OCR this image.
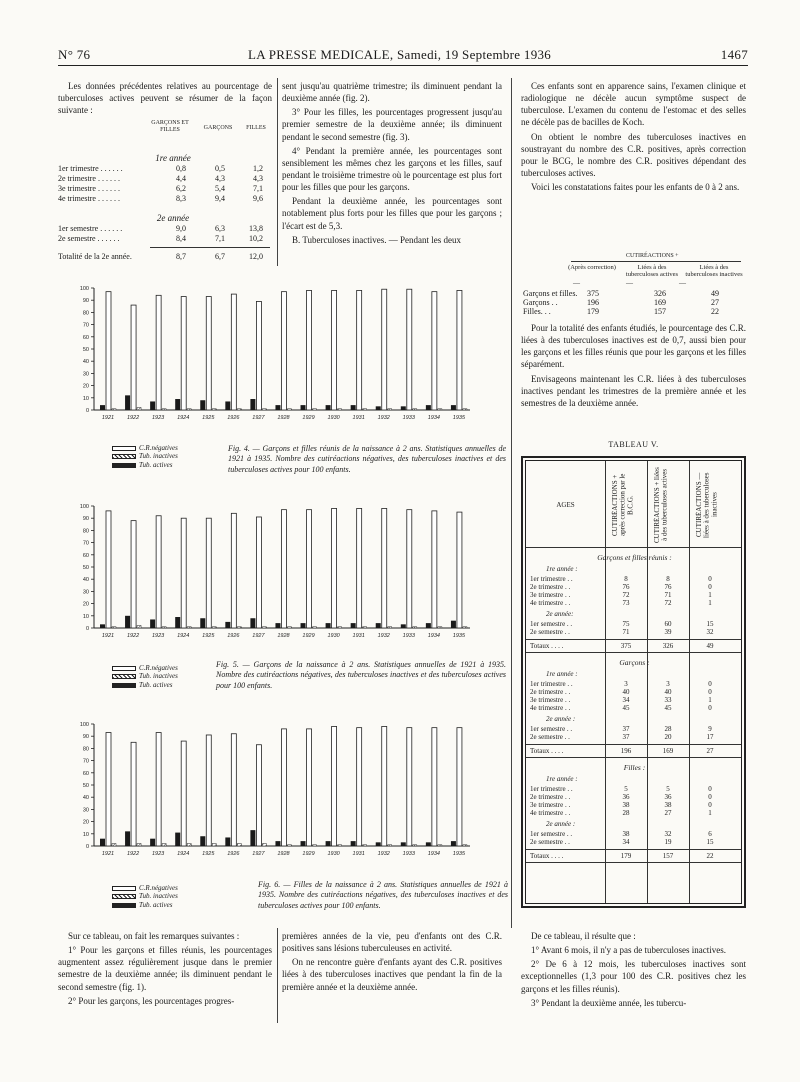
N° 76	LA PRESSE MEDICALE, Samedi, 19 Septembre 1936	1467

Les données précédentes relatives au pourcentage de tuberculoses actives peuvent se résumer de la façon suivante :

GARÇONS ET FILLES	GARÇONS	FILLES
1re année
1er trimestre . . . . . .	0,8	0,5	1,2
2e trimestre . . . . . .	4,4	4,3	4,3
3e trimestre . . . . . .	6,2	5,4	7,1
4e trimestre . . . . . .	8,3	9,4	9,6
2e année
1er semestre . . . . . .	9,0	6,3	13,8
2e semestre . . . . . .	8,4	7,1	10,2
Totalité de la 2e année.	8,7	6,7	12,0

sent jusqu'au quatrième trimestre; ils diminuent pendant la deuxième année (fig. 2).

3° Pour les filles, les pourcentages progressent jusqu'au premier semestre de la deuxième année; ils diminuent pendant le second semestre (fig. 3).

4° Pendant la première année, les pourcentages sont sensiblement les mêmes chez les garçons et les filles, sauf pendant le troisième trimestre où le pourcentage est plus fort pour les filles que pour les garçons.

Pendant la deuxième année, les pourcentages sont notablement plus forts pour les filles que pour les garçons ; l'écart est de 5,3.

B. Tuberculoses inactives. — Pendant les deux

Ces enfants sont en apparence sains, l'examen clinique et radiologique ne décèle aucun symptôme suspect de tuberculose. L'examen du contenu de l'estomac et des selles ne décèle pas de bacilles de Koch.

On obtient le nombre des tuberculoses inactives en soustrayant du nombre des C.R. positives, après correction pour le BCG, le nombre des C.R. positives dépendant des tuberculoses actives.

Voici les constatations faites pour les enfants de 0 à 2 ans.

CUTIRÉACTIONS +
(Après correction)	Liées à des tuberculoses actives
Liées à des tuberculoses inactives
———
Garçons et filles. 375	326	49
Garçons . .	196	169	27
Filles. . .	179	157	22

Pour la totalité des enfants étudiés, le pourcentage des C.R. liées à des tuberculoses inactives est de 0,7, aussi bien pour les garçons et les filles réunis que pour les garçons et les filles séparément.

Envisageons maintenant les C.R. liées à des tuberculoses inactives pendant les trimestres de la première année et les semestres de la deuxième année.

TABLEAU V.
AGES	CUTIRÉACTIONS + après correction par le B.C.G.	CUTIRÉACTIONS + liées à des tuberculoses actives	CUTIRÉACTIONS — liées à des tuberculoses inactives
Garçons et filles réunis :
1re année :
1er trimestre . .	8	8	0
2e trimestre . .	76	76	0
3e trimestre . .	72	71	1
4e trimestre . .	73	72	1
2e année:
1er semestre . .	75	60	15
2e semestre . .	71	39	32
Totaux . . . .	375	326	49
Garçons :
1re année :
1er trimestre . .	3	3	0
2e trimestre . .	40	40	0
3e trimestre . .	34	33	1
4e trimestre . .	45	45	0
2e année :
1er semestre . .	37	28	9
2e semestre . .	37	20	17
Totaux . . . .	196	169	27
Filles :
1re année :
1er trimestre . .	5	5	0
2e trimestre . .	36	36	0
3e trimestre . .	38	38	0
4e trimestre . .	28	27	1
2e année :
1er semestre . .	38	32	6
2e semestre . .	34	19	15
Totaux . . . .	179	157	22
0
10
20
30
40
50
60
70
80
90
100
1921 1922 1923 1924 1925 1926 1927 1928 1929 1930 1931 1932 1933 1934 1935
0
10
20
30
40
50
60
70
80
90
100
1921 1922 1923 1924 1925 1926 1927 1928 1929 1930 1931 1932 1933 1934 1935
0
10
20
30
40
50
60
70
80
90
100
1921 1922 1923 1924 1925 1926 1927 1928 1929 1930 1931 1932 1933 1934 1935
C.R.négatives
Tub. inactives
Tub. actives
Fig. 4. — Garçons et filles réunis de la naissance à 2 ans. Statistiques annuelles de 1921 à 1935. Nombre des cutiréactions négatives, des tuberculoses inactives et des tuberculoses actives pour 100 enfants.
C.R.négatives
Tub. inactives
Tub. actives
Fig. 5. — Garçons de la naissance à 2 ans. Statistiques annuelles de 1921 à 1935. Nombre des cutiréactions négatives, des tuberculoses inactives et des tuberculoses actives pour 100 enfants.
C.R.négatives
Tub. inactives
Tub. actives
Fig. 6. — Filles de la naissance à 2 ans. Statistiques annuelles de 1921 à 1935. Nombre des cutiréactions négatives, des tuberculoses inactives et des tuberculoses actives pour 100 enfants.

Sur ce tableau, on fait les remarques suivantes :

1° Pour les garçons et filles réunis, les pourcentages augmentent assez régulièrement jusque dans le premier semestre de la deuxième année; ils diminuent pendant le second semestre (fig. 1).

2° Pour les garçons, les pourcentages progres-

premières années de la vie, peu d'enfants ont des C.R. positives sans lésions tuberculeuses en activité.

On ne rencontre guère d'enfants ayant des C.R. positives liées à des tuberculoses inactives que pendant la fin de la première année et la deuxième année.

De ce tableau, il résulte que :

1° Avant 6 mois, il n'y a pas de tuberculoses inactives.

2° De 6 à 12 mois, les tuberculoses inactives sont exceptionnelles (1,3 pour 100 des C.R. positives chez les garçons et les filles réunis).

3° Pendant la deuxième année, les tubercu-
